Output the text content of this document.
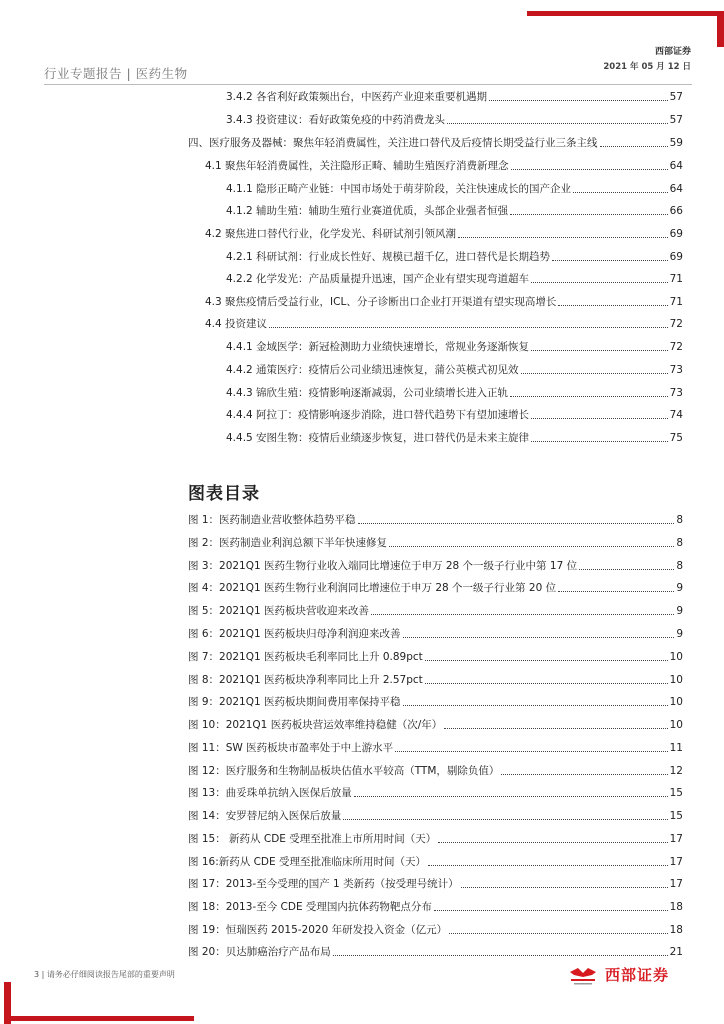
西部证券
2021 年 05 月 12 日
行业专题报告 | 医药生物
3.4.2 各省利好政策频出台，中医药产业迎来重要机遇期	57
3.4.3 投资建议：看好政策免疫的中药消费龙头	57
四、医疗服务及器械：聚焦年轻消费属性，关注进口替代及后疫情长期受益行业三条主线	59
4.1 聚焦年轻消费属性，关注隐形正畸、辅助生殖医疗消费新理念	64
4.1.1 隐形正畸产业链：中国市场处于萌芽阶段，关注快速成长的国产企业	64
4.1.2 辅助生殖：辅助生殖行业赛道优质，头部企业强者恒强	66
4.2 聚焦进口替代行业，化学发光、科研试剂引领风潮	69
4.2.1 科研试剂：行业成长性好、规模已超千亿，进口替代是长期趋势	69
4.2.2 化学发光：产品质量提升迅速，国产企业有望实现弯道超车	71
4.3 聚焦疫情后受益行业，ICL、分子诊断出口企业打开渠道有望实现高增长	71
4.4 投资建议	72
4.4.1 金域医学：新冠检测助力业绩快速增长，常规业务逐渐恢复	72
4.4.2 通策医疗：疫情后公司业绩迅速恢复，蒲公英模式初见效	73
4.4.3 锦欣生殖：疫情影响逐渐减弱，公司业绩增长进入正轨	73
4.4.4 阿拉丁：疫情影响逐步消除，进口替代趋势下有望加速增长	74
4.4.5 安图生物：疫情后业绩逐步恢复，进口替代仍是未来主旋律	75
图表目录
图 1：医药制造业营收整体趋势平稳	8
图 2：医药制造业利润总额下半年快速修复	8
图 3：2021Q1 医药生物行业收入端同比增速位于申万 28 个一级子行业中第 17 位	8
图 4：2021Q1 医药生物行业利润同比增速位于申万 28 个一级子行业第 20 位	9
图 5：2021Q1 医药板块营收迎来改善	9
图 6：2021Q1 医药板块归母净利润迎来改善	9
图 7：2021Q1 医药板块毛利率同比上升 0.89pct	10
图 8：2021Q1 医药板块净利率同比上升 2.57pct	10
图 9：2021Q1 医药板块期间费用率保持平稳	10
图 10：2021Q1 医药板块营运效率维持稳健（次/年）	10
图 11：SW 医药板块市盈率处于中上游水平	11
图 12：医疗服务和生物制品板块估值水平较高（TTM，剔除负值）	12
图 13：曲妥珠单抗纳入医保后放量	15
图 14：安罗替尼纳入医保后放量	15
图 15： 新药从 CDE 受理至批准上市所用时间（天）	17
图 16:新药从 CDE 受理至批准临床所用时间（天）	17
图 17：2013-至今受理的国产 1 类新药（按受理号统计）	17
图 18：2013-至今 CDE 受理国内抗体药物靶点分布	18
图 19：恒瑞医药 2015-2020 年研发投入资金（亿元）	18
图 20：贝达肺癌治疗产品布局	21
3 | 请务必仔细阅读报告尾部的重要声明	西部证券
